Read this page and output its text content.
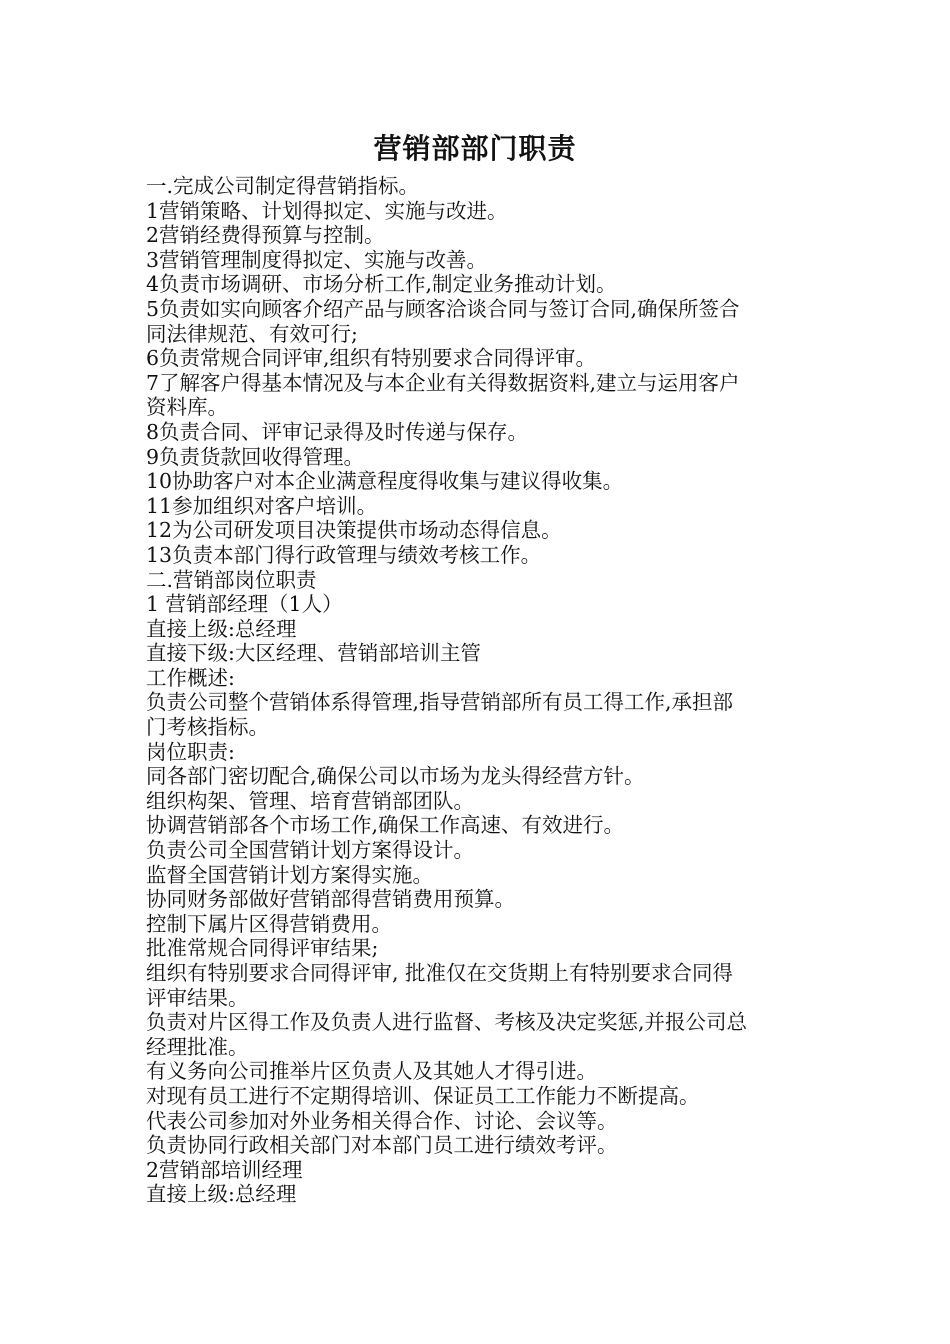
营销部部门职责
一.完成公司制定得营销指标。
1营销策略、计划得拟定、实施与改进。
2营销经费得预算与控制。
3营销管理制度得拟定、实施与改善。
4负责市场调研、市场分析工作,制定业务推动计划。
5负责如实向顾客介绍产品与顾客洽谈合同与签订合同,确保所签合
同法律规范、有效可行;
6负责常规合同评审,组织有特别要求合同得评审。
7了解客户得基本情况及与本企业有关得数据资料,建立与运用客户
资料库。
8负责合同、评审记录得及时传递与保存。
9负责货款回收得管理。
10协助客户对本企业满意程度得收集与建议得收集。
11参加组织对客户培训。
12为公司研发项目决策提供市场动态得信息。
13负责本部门得行政管理与绩效考核工作。
二.营销部岗位职责
1 营销部经理（1人）
直接上级:总经理
直接下级:大区经理、营销部培训主管
工作概述:
负责公司整个营销体系得管理,指导营销部所有员工得工作,承担部
门考核指标。
岗位职责:
同各部门密切配合,确保公司以市场为龙头得经营方针。
组织构架、管理、培育营销部团队。
协调营销部各个市场工作,确保工作高速、有效进行。
负责公司全国营销计划方案得设计。
监督全国营销计划方案得实施。
协同财务部做好营销部得营销费用预算。
控制下属片区得营销费用。
批准常规合同得评审结果;
组织有特别要求合同得评审, 批准仅在交货期上有特别要求合同得
评审结果。
负责对片区得工作及负责人进行监督、考核及决定奖惩,并报公司总
经理批准。
有义务向公司推举片区负责人及其她人才得引进。
对现有员工进行不定期得培训、保证员工工作能力不断提高。
代表公司参加对外业务相关得合作、讨论、会议等。
负责协同行政相关部门对本部门员工进行绩效考评。
2营销部培训经理
直接上级:总经理
